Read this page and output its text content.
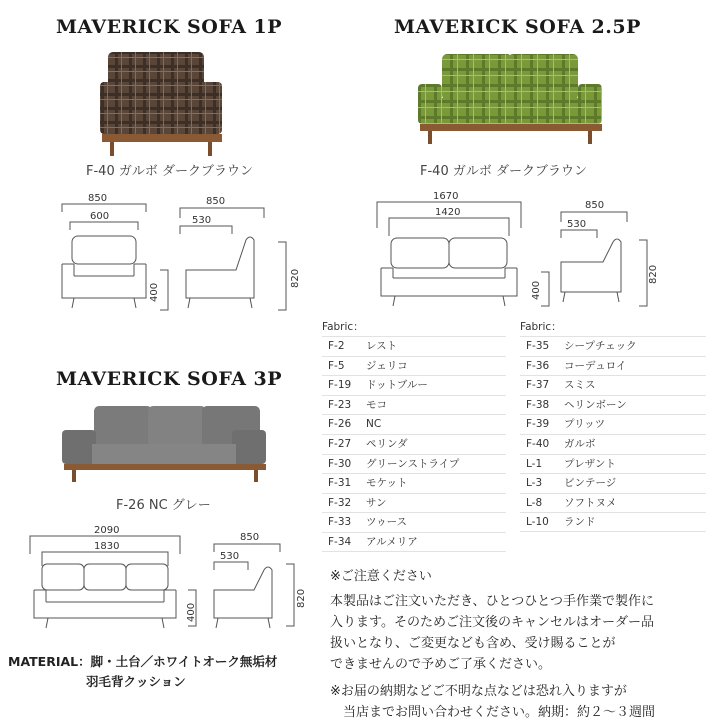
MAVERICK SOFA 1P
F-40 ガルボ ダークブラウン
850
600
850
530
400
820
MAVERICK SOFA 2.5P
F-40 ガルボ ダークブラウン
1670
1420
850
530
400
820
Fabric：
F-2	レスト
F-5	ジェリコ
F-19	ドットブルー
F-23	モコ
F-26	NC
F-27	ペリンダ
F-30	グリーンストライプ
F-31	モケット
F-32	サン
F-33	ツゥース
F-34	アルメリア
Fabric：
F-35	シープチェック
F-36	コーデュロイ
F-37	スミス
F-38	ヘリンボーン
F-39	プリッツ
F-40	ガルボ
L-1	プレザント
L-3	ビンテージ
L-8	ソフトヌメ
L-10	ランド
MAVERICK SOFA 3P
F-26 NC グレー
2090
1830
850
530
400
820
※ご注意ください
本製品はご注文いただき、ひとつひとつ手作業で製作に
入ります。そのためご注文後のキャンセルはオーダー品
扱いとなり、ご変更なども含め、受け賜ることが
できませんので予めご了承ください。
※お届の納期などご不明な点などは恐れ入りますが
　当店までお問い合わせください。納期：約２～３週間
MATERIAL：脚・土台／ホワイトオーク無垢材
羽毛背クッション
